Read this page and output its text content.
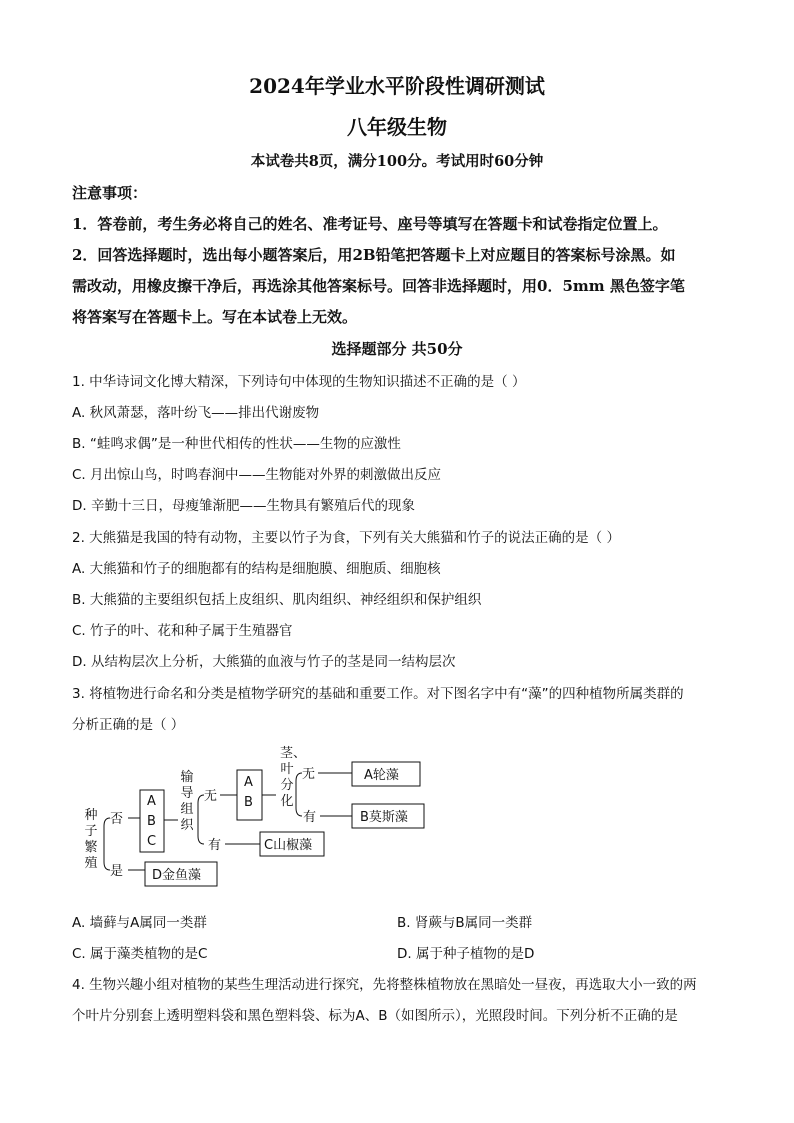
2024年学业水平阶段性调研测试
八年级生物
本试卷共8页，满分100分。考试用时60分钟
注意事项：
1．答卷前，考生务必将自己的姓名、准考证号、座号等填写在答题卡和试卷指定位置上。
2．回答选择题时，选出每小题答案后，用2B铅笔把答题卡上对应题目的答案标号涂黑。如
需改动，用橡皮擦干净后，再选涂其他答案标号。回答非选择题时，用0．5mm 黑色签字笔
将答案写在答题卡上。写在本试卷上无效。
选择题部分 共50分
1. 中华诗词文化博大精深，下列诗句中体现的生物知识描述不正确的是（ ）
A. 秋风萧瑟，落叶纷飞——排出代谢废物
B. “蛙鸣求偶”是一种世代相传的性状——生物的应激性
C. 月出惊山鸟，时鸣春涧中——生物能对外界的刺激做出反应
D. 辛勤十三日，母瘦雏渐肥——生物具有繁殖后代的现象
2. 大熊猫是我国的特有动物，主要以竹子为食，下列有关大熊猫和竹子的说法正确的是（ ）
A. 大熊猫和竹子的细胞都有的结构是细胞膜、细胞质、细胞核
B. 大熊猫的主要组织包括上皮组织、肌肉组织、神经组织和保护组织
C. 竹子的叶、花和种子属于生殖器官
D. 从结构层次上分析，大熊猫的血液与竹子的茎是同一结构层次
3. 将植物进行命名和分类是植物学研究的基础和重要工作。对下图名字中有“藻”的四种植物所属类群的
分析正确的是（ ）
A
B
C
A
B
否
是
无
有
无
有
A轮藻
B莫斯藻
C山椒藻
D金鱼藻
种子繁殖
输导组织
茎、叶分化
A. 墙藓与A属同一类群	B. 肾蕨与B属同一类群
C. 属于藻类植物的是C	D. 属于种子植物的是D
4. 生物兴趣小组对植物的某些生理活动进行探究，先将整株植物放在黑暗处一昼夜，再选取大小一致的两
个叶片分别套上透明塑料袋和黑色塑料袋、标为A、B（如图所示），光照段时间。下列分析不正确的是
